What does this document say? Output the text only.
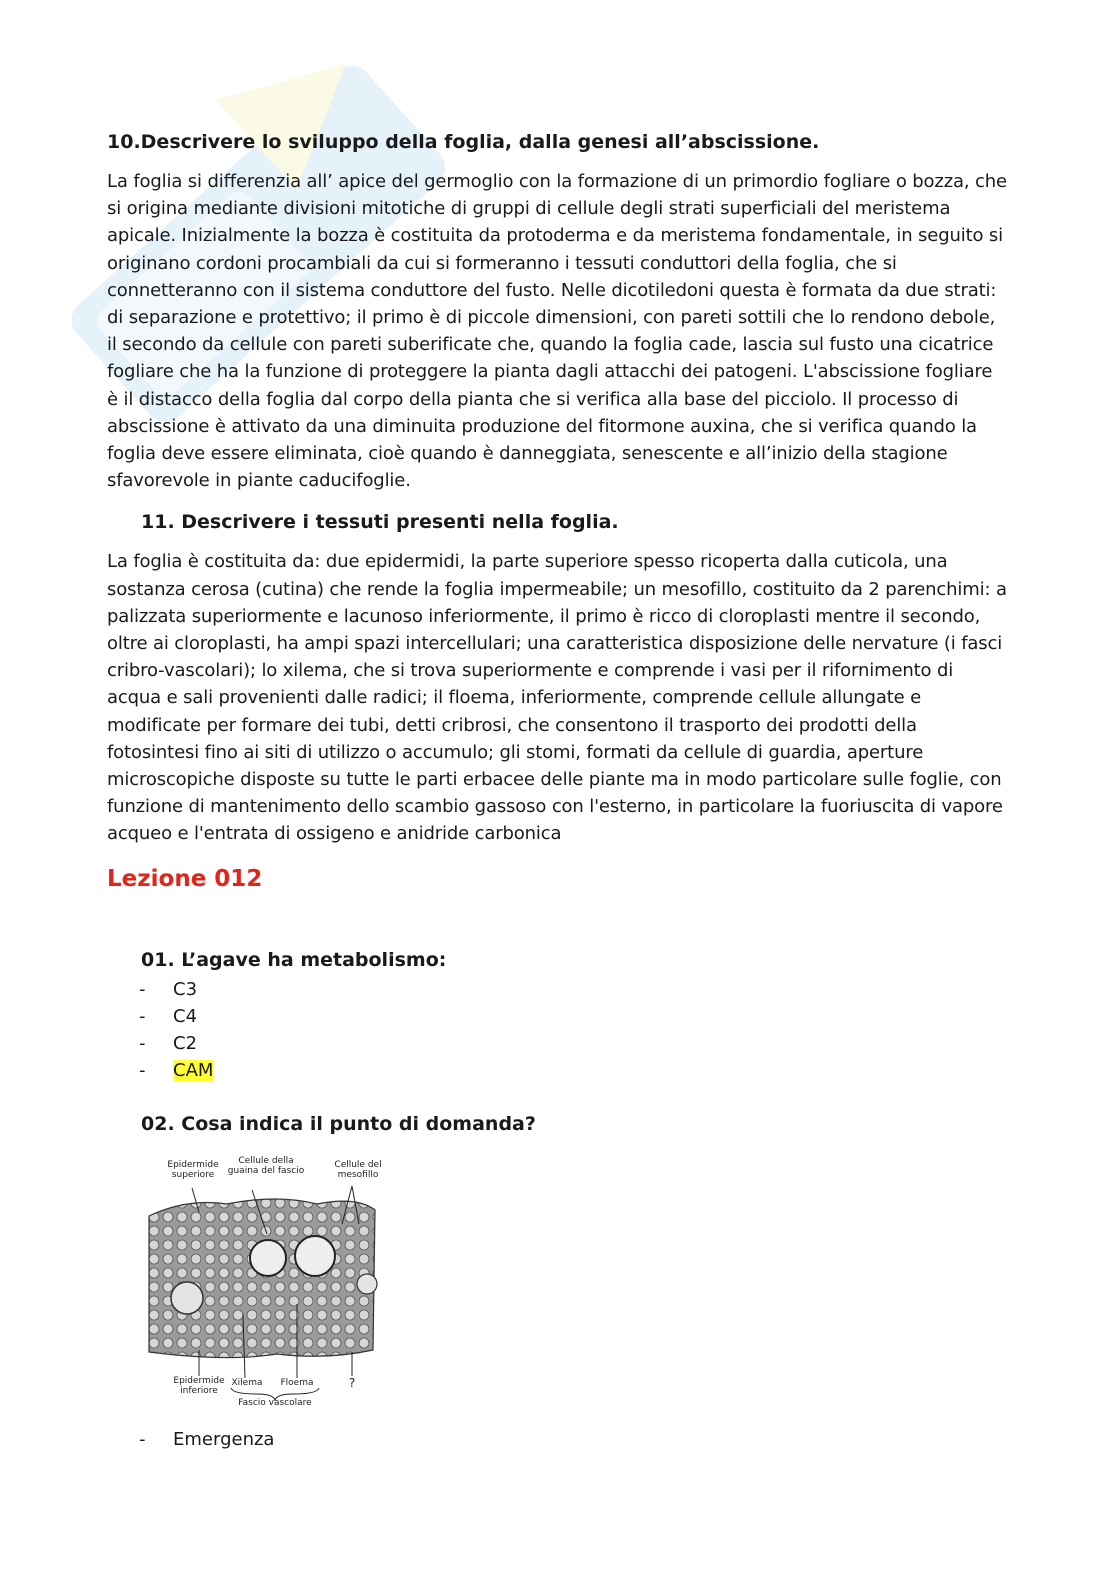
10.Descrivere lo sviluppo della foglia, dalla genesi all’abscissione.

La foglia si differenzia all’ apice del germoglio con la formazione di un primordio fogliare o bozza, che si origina mediante divisioni mitotiche di gruppi di cellule degli strati superficiali del meristema apicale. Inizialmente la bozza è costituita da protoderma e da meristema fondamentale, in seguito si originano cordoni procambiali da cui si formeranno i tessuti conduttori della foglia, che si connetteranno con il sistema conduttore del fusto. Nelle dicotiledoni questa è formata da due strati: di separazione e protettivo; il primo è di piccole dimensioni, con pareti sottili che lo rendono debole, il secondo da cellule con pareti suberificate che, quando la foglia cade, lascia sul fusto una cicatrice fogliare che ha la funzione di proteggere la pianta dagli attacchi dei patogeni. L'abscissione fogliare è il distacco della foglia dal corpo della pianta che si verifica alla base del picciolo. Il processo di abscissione è attivato da una diminuita produzione del fitormone auxina, che si verifica quando la foglia deve essere eliminata, cioè quando è danneggiata, senescente e all’inizio della stagione sfavorevole in piante caducifoglie.

11. Descrivere i tessuti presenti nella foglia.

La foglia è costituita da: due epidermidi, la parte superiore spesso ricoperta dalla cuticola, una sostanza cerosa (cutina) che rende la foglia impermeabile; un mesofillo, costituito da 2 parenchimi: a palizzata superiormente e lacunoso inferiormente, il primo è ricco di cloroplasti mentre il secondo, oltre ai cloroplasti, ha ampi spazi intercellulari; una caratteristica disposizione delle nervature (i fasci cribro-vascolari); lo xilema, che si trova superiormente e comprende i vasi per il rifornimento di acqua e sali provenienti dalle radici; il floema, inferiormente, comprende cellule allungate e modificate per formare dei tubi, detti cribrosi, che consentono il trasporto dei prodotti della fotosintesi fino ai siti di utilizzo o accumulo; gli stomi, formati da cellule di guardia, aperture microscopiche disposte su tutte le parti erbacee delle piante ma in modo particolare sulle foglie, con funzione di mantenimento dello scambio gassoso con l'esterno, in particolare la fuoriuscita di vapore acqueo e l'entrata di ossigeno e anidride carbonica

Lezione 012
01. L’agave ha metabolismo:
- C3
- C4
- C2
- CAM
02. Cosa indica il punto di domanda?
Epidermide superiore
Cellule della guaina del fascio
Cellule del mesofillo
Epidermide inferiore
Xilema	Floema
Fascio vascolare
?
- Emergenza
